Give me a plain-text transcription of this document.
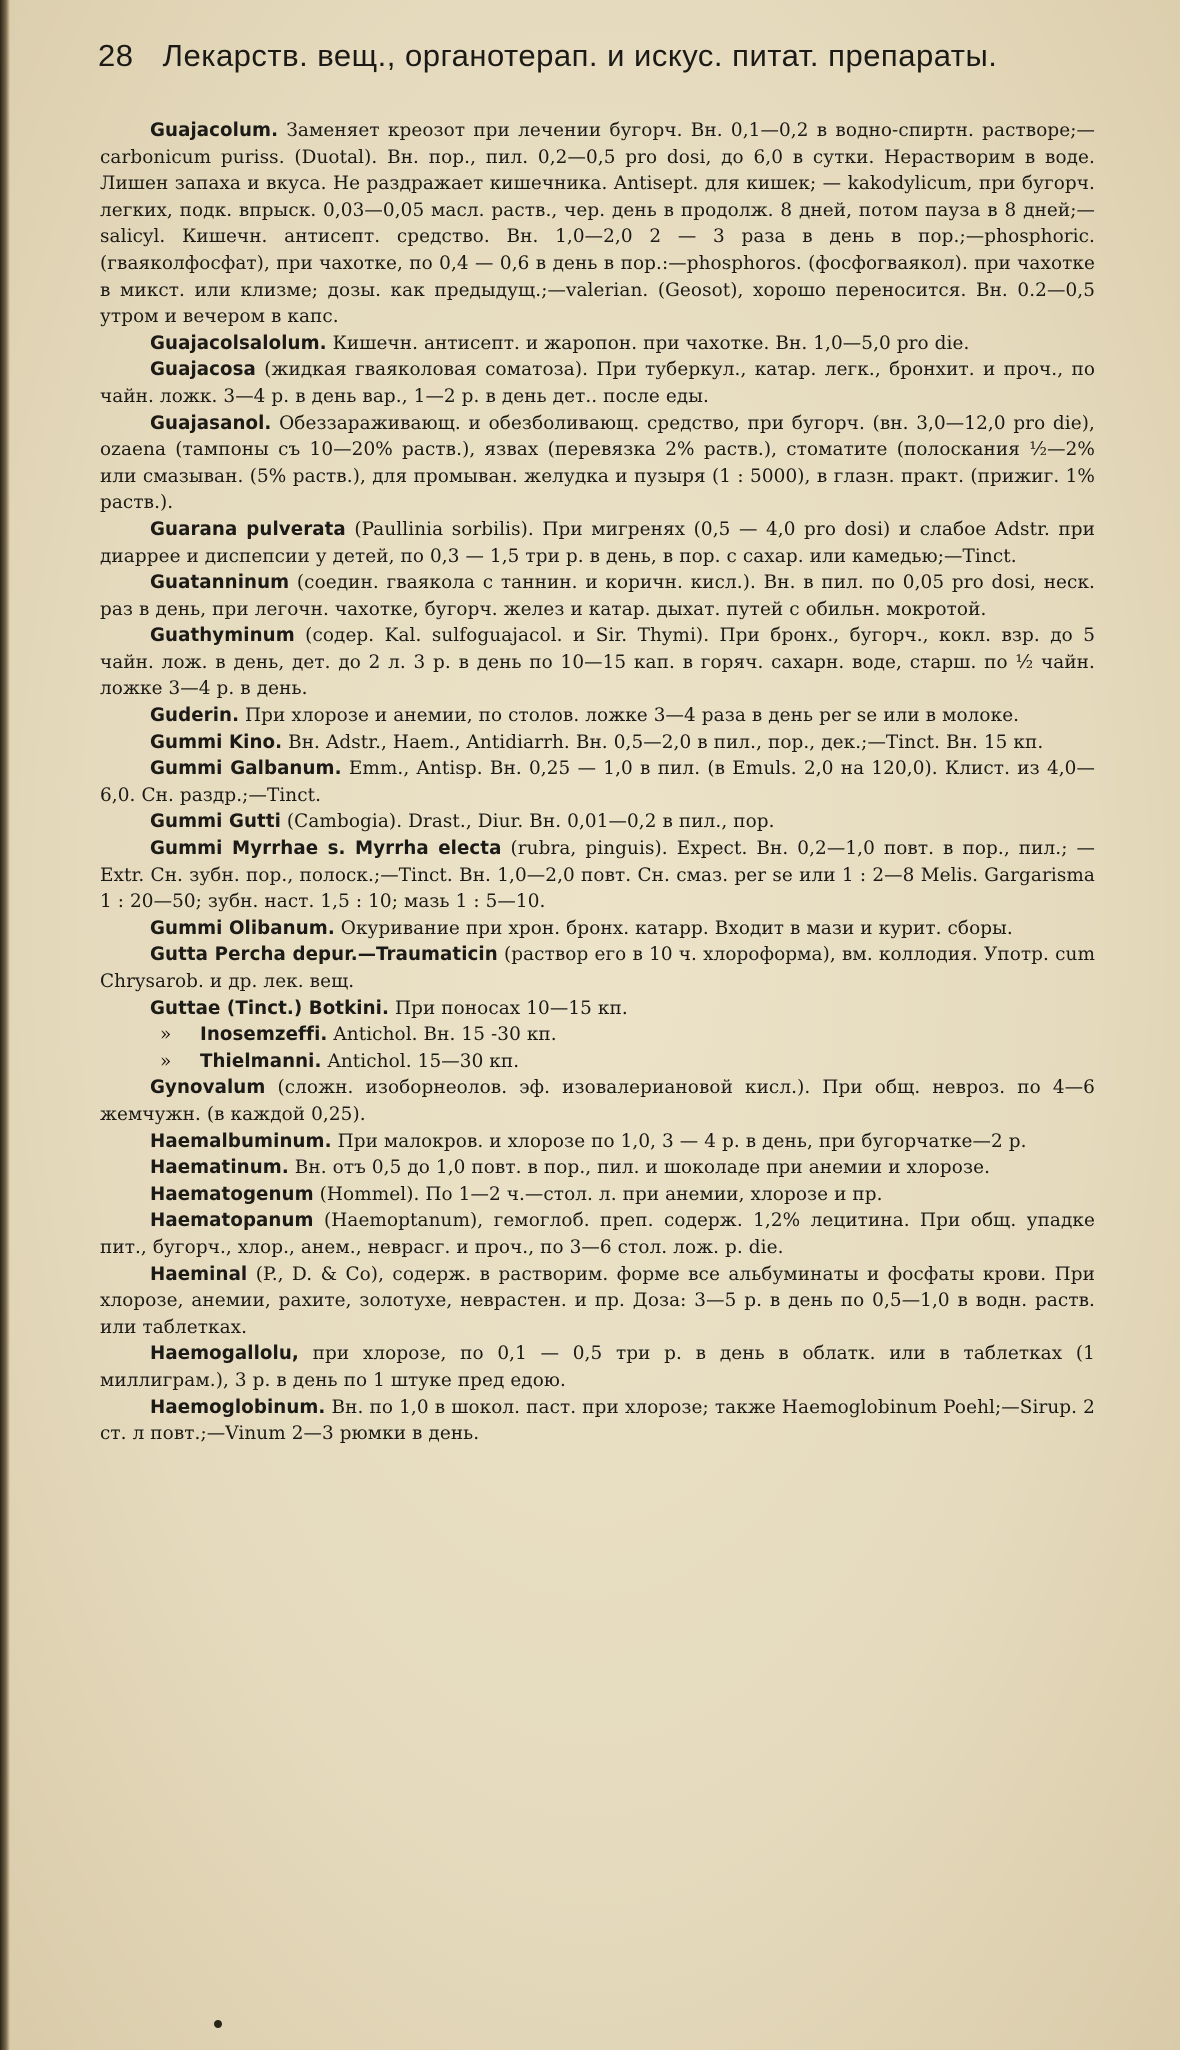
28 Лекарств. вещ., органотерап. и искус. питат. препараты.

Guajacolum. Заменяет креозот при лечении бугорч. Вн. 0,1—0,2 в водно-спиртн. растворе;—carbonicum puriss. (Duotal). Вн. пор., пил. 0,2—0,5 pro dosi, до 6,0 в сутки. Нерастворим в воде. Лишен запаха и вкуса. Не раздражает кишечника. Antisept. для кишек; — kakodylicum, при бугорч. легких, подк. впрыск. 0,03—0,05 масл. раств., чер. день в продолж. 8 дней, потом пауза в 8 дней;—salicyl. Кишечн. антисепт. средство. Вн. 1,0—2,0 2 — 3 раза в день в пор.;—phosphoric. (гваяколфосфат), при чахотке, по 0,4 — 0,6 в день в пор.:—phosphoros. (фосфогваякол). при чахотке в микст. или клизме; дозы. как предыдущ.;—valerian. (Geosot), хорошо переносится. Вн. 0.2—0,5 утром и вечером в капс.

Guajacolsalolum. Кишечн. антисепт. и жаропон. при чахотке. Вн. 1,0—5,0 pro die.

Guajacosa (жидкая гваяколовая соматоза). При туберкул., катар. легк., бронхит. и проч., по чайн. ложк. 3—4 р. в день вар., 1—2 р. в день дет.. после еды.

Guajasanol. Обеззараживающ. и обезболивающ. средство, при бугорч. (вн. 3,0—12,0 pro die), ozaena (тампоны съ 10—20% раств.), язвах (перевязка 2% раств.), стоматите (полоскания ½—2% или смазыван. (5% раств.), для промыван. желудка и пузыря (1 : 5000), в глазн. практ. (прижиг. 1% раств.).

Guarana pulverata (Paullinia sorbilis). При мигренях (0,5 — 4,0 pro dosi) и слабое Adstr. при диаррее и диспепсии у детей, по 0,3 — 1,5 три р. в день, в пор. с сахар. или камедью;—Tinct.

Guatanninum (соедин. гваякола с таннин. и коричн. кисл.). Вн. в пил. по 0,05 pro dosi, неск. раз в день, при легочн. чахотке, бугорч. желез и катар. дыхат. путей с обильн. мокротой.

Guathyminum (содер. Kal. sulfoguajacol. и Sir. Thymi). При бронх., бугорч., кокл. взр. до 5 чайн. лож. в день, дет. до 2 л. 3 р. в день по 10—15 кап. в горяч. сахарн. воде, старш. по ½ чайн. ложке 3—4 р. в день.

Guderin. При хлорозе и анемии, по столов. ложке 3—4 раза в день per se или в молоке.

Gummi Kino. Вн. Adstr., Haem., Antidiarrh. Вн. 0,5—2,0 в пил., пор., дек.;—Tinct. Вн. 15 кп.

Gummi Galbanum. Emm., Antisp. Вн. 0,25 — 1,0 в пил. (в Emuls. 2,0 на 120,0). Клист. из 4,0—6,0. Сн. раздр.;—Tinct.

Gummi Gutti (Cambogia). Drast., Diur. Вн. 0,01—0,2 в пил., пор.

Gummi Myrrhae s. Myrrha electa (rubra, pinguis). Expect. Вн. 0,2—1,0 повт. в пор., пил.; — Extr. Сн. зубн. пор., полоск.;—Tinct. Вн. 1,0—2,0 повт. Сн. смаз. per se или 1 : 2—8 Melis. Gargarisma 1 : 20—50; зубн. наст. 1,5 : 10; мазь 1 : 5—10.

Gummi Olibanum. Окуривание при хрон. бронх. катарр. Входит в мази и курит. сборы.

Gutta Percha depur.—Traumaticin (раствор его в 10 ч. хлороформа), вм. коллодия. Употр. cum Chrysarob. и др. лек. вещ.

Guttae (Tinct.) Botkini. При поносах 10—15 кп.

» Inosemzeffi. Antichol. Вн. 15 -30 кп.

» Thielmanni. Antichol. 15—30 кп.

Gynovalum (сложн. изоборнеолов. эф. изовалериановой кисл.). При общ. невроз. по 4—6 жемчужн. (в каждой 0,25).

Haemalbuminum. При малокров. и хлорозе по 1,0, 3 — 4 р. в день, при бугорчатке—2 р.

Haematinum. Вн. отъ 0,5 до 1,0 повт. в пор., пил. и шоколаде при анемии и хлорозе.

Haematogenum (Hommel). По 1—2 ч.—стол. л. при анемии, хлорозе и пр.

Haematopanum (Haemoptanum), гемоглоб. преп. содерж. 1,2% лецитина. При общ. упадке пит., бугорч., хлор., анем., неврасг. и проч., по 3—6 стол. лож. р. die.

Haeminal (P., D. & Co), содерж. в растворим. форме все альбуминаты и фосфаты крови. При хлорозе, анемии, рахите, золотухе, неврастен. и пр. Доза: 3—5 р. в день по 0,5—1,0 в водн. раств. или таблетках.

Haemogallolu, при хлорозе, по 0,1 — 0,5 три р. в день в облатк. или в таблетках (1 миллиграм.), 3 р. в день по 1 штуке пред едою.

Haemoglobinum. Вн. по 1,0 в шокол. паст. при хлорозе; также Haemoglobinum Poehl;—Sirup. 2 ст. л повт.;—Vinum 2—3 рюмки в день.
